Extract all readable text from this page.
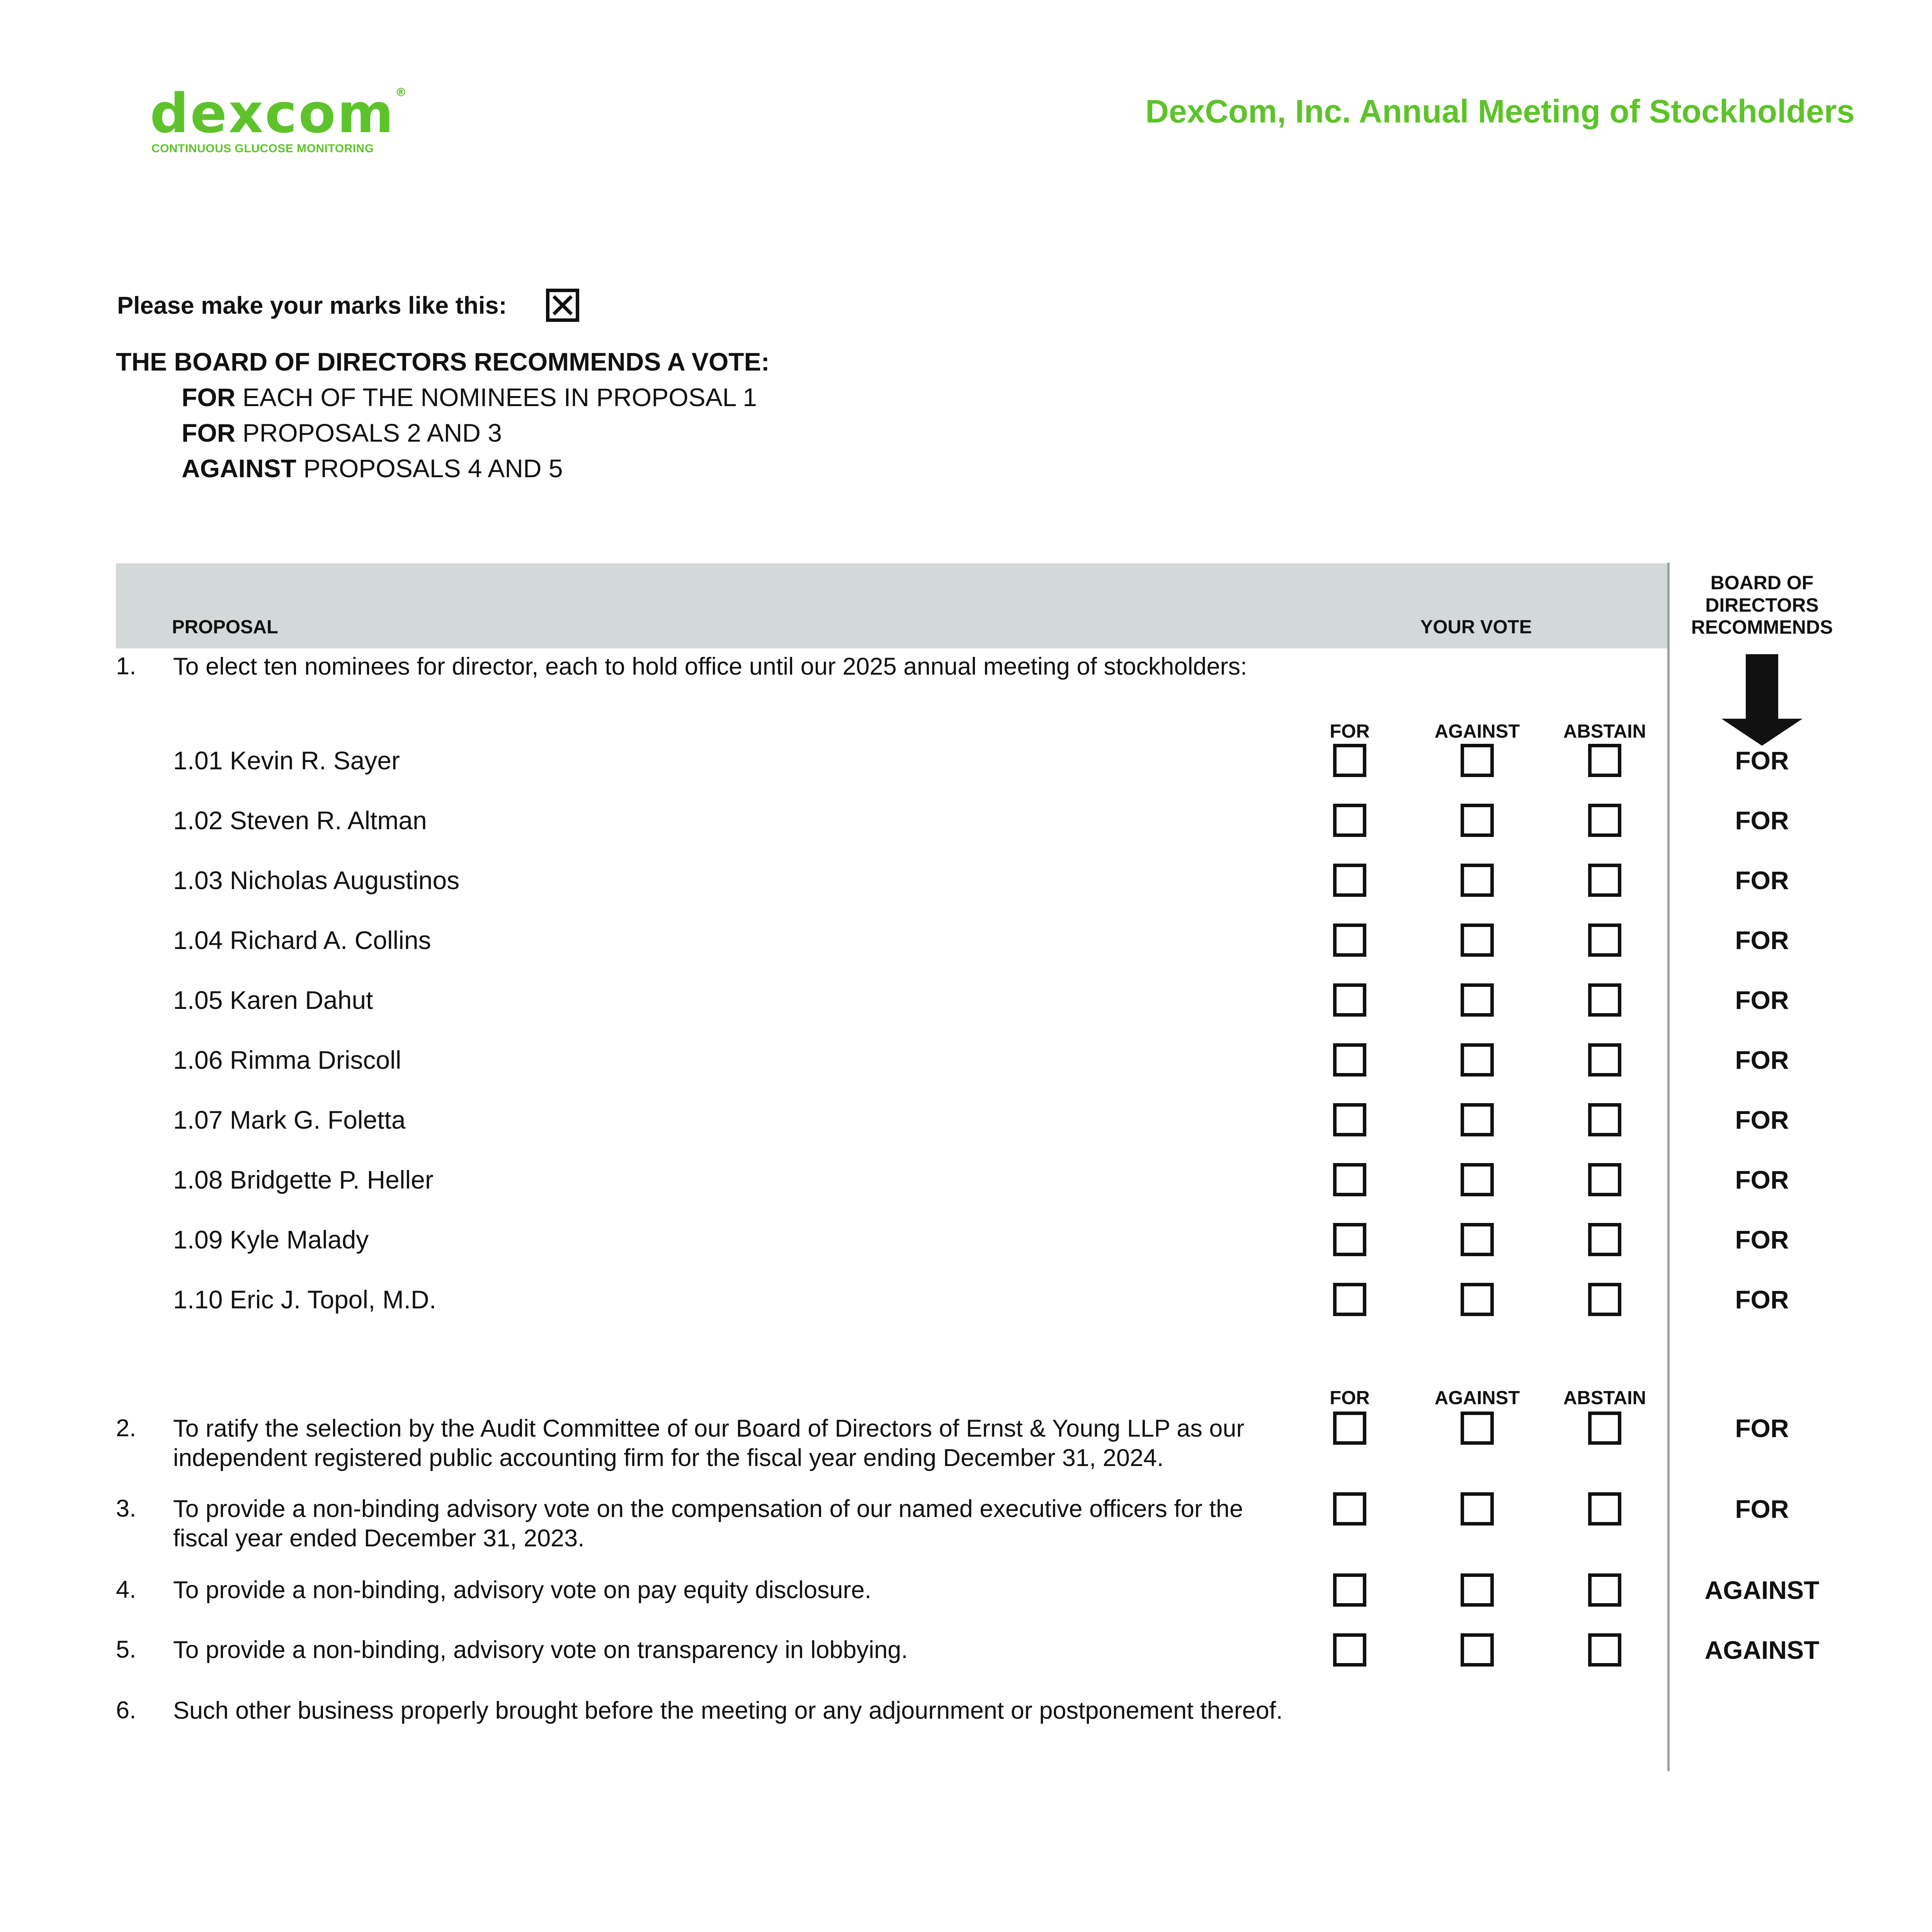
dexcom®
CONTINUOUS GLUCOSE MONITORING
DexCom, Inc. Annual Meeting of Stockholders
Please make your marks like this:
THE BOARD OF DIRECTORS RECOMMENDS A VOTE:
FOR EACH OF THE NOMINEES IN PROPOSAL 1
FOR PROPOSALS 2 AND 3
AGAINST PROPOSALS 4 AND 5
PROPOSAL	YOUR VOTE
BOARD OF DIRECTORS RECOMMENDS
1. To elect ten nominees for director, each to hold office until our 2025 annual meeting of stockholders:
FOR	AGAINST	ABSTAIN
1.01 Kevin R. Sayer	FOR
1.02 Steven R. Altman	FOR
1.03 Nicholas Augustinos	FOR
1.04 Richard A. Collins	FOR
1.05 Karen Dahut	FOR
1.06 Rimma Driscoll	FOR
1.07 Mark G. Foletta	FOR
1.08 Bridgette P. Heller	FOR
1.09 Kyle Malady	FOR
1.10 Eric J. Topol, M.D.	FOR
FOR	AGAINST	ABSTAIN
2. To ratify the selection by the Audit Committee of our Board of Directors of Ernst & Young LLP as our independent registered public accounting firm for the fiscal year ending December 31, 2024.
FOR
3. To provide a non-binding advisory vote on the compensation of our named executive officers for the fiscal year ended December 31, 2023.
FOR
4. To provide a non-binding, advisory vote on pay equity disclosure.	AGAINST
5. To provide a non-binding, advisory vote on transparency in lobbying.	AGAINST
6. Such other business properly brought before the meeting or any adjournment or postponement thereof.
